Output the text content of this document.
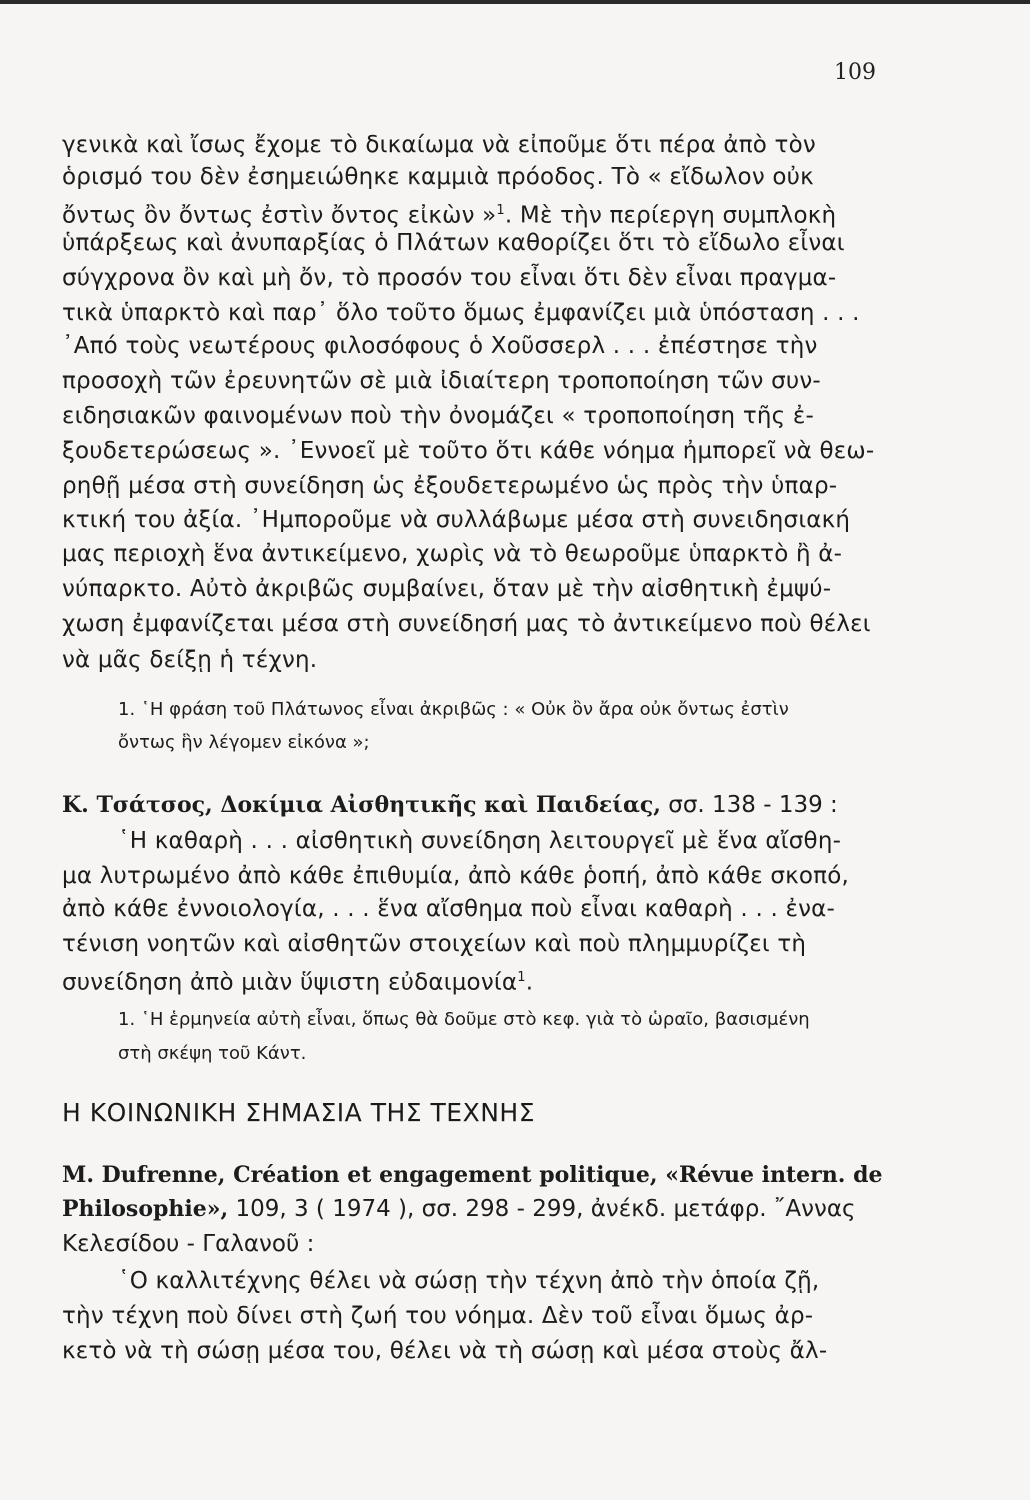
109
γενικὰ καὶ ἴσως ἔχομε τὸ δικαίωμα νὰ εἰποῦμε ὅτι πέρα ἀπὸ τὸν
ὁρισμό του δὲν ἐσημειώθηκε καμμιὰ πρόοδος. Τὸ « εἴδωλον οὐκ
ὄντως ὂν ὄντως ἐστὶν ὄντος εἰκὼν »$^1$. Μὲ τὴν περίεργη συμπλοκὴ
ὑπάρξεως καὶ ἀνυπαρξίας ὁ Πλάτων καθορίζει ὅτι τὸ εἴδωλο εἶναι
σύγχρονα ὂν καὶ μὴ ὄν, τὸ προσόν του εἶναι ὅτι δὲν εἶναι πραγμα-
τικὰ ὑπαρκτὸ καὶ παρ᾽ ὅλο τοῦτο ὅμως ἐμφανίζει μιὰ ὑπόσταση . . .
᾽Από τοὺς νεωτέρους φιλοσόφους ὁ Χοῦσσερλ . . . ἐπέστησε τὴν
προσοχὴ τῶν ἐρευνητῶν σὲ μιὰ ἰδιαίτερη τροποποίηση τῶν συν-
ειδησιακῶν φαινομένων ποὺ τὴν ὀνομάζει « τροποποίηση τῆς ἐ-
ξουδετερώσεως ». ᾽Εννοεῖ μὲ τοῦτο ὅτι κάθε νόημα ἠμπορεῖ νὰ θεω-
ρηθῇ μέσα στὴ συνείδηση ὡς ἐξουδετερωμένο ὡς πρὸς τὴν ὑπαρ-
κτική του ἀξία. ᾽Ημποροῦμε νὰ συλλάβωμε μέσα στὴ συνειδησιακή
μας περιοχὴ ἕνα ἀντικείμενο, χωρὶς νὰ τὸ θεωροῦμε ὑπαρκτὸ ἢ ἀ-
νύπαρκτο. Αὐτὸ ἀκριβῶς συμβαίνει, ὅταν μὲ τὴν αἰσθητικὴ ἐμψύ-
χωση ἐμφανίζεται μέσα στὴ συνείδησή μας τὸ ἀντικείμενο ποὺ θέλει
νὰ μᾶς δείξῃ ἡ τέχνη.
1. ῾Η φράση τοῦ Πλάτωνος εἶναι ἀκριβῶς : « Οὐκ ὂν ἄρα οὐκ ὄντως ἐστὶν
ὄντως ἣν λέγομεν εἰκόνα »;
Κ. Τσάτσος, Δοκίμια Αἰσθητικῆς καὶ Παιδείας, σσ. 138 - 139 :
῾Η καθαρὴ . . . αἰσθητικὴ συνείδηση λειτουργεῖ μὲ ἕνα αἴσθη-
μα λυτρωμένο ἀπὸ κάθε ἐπιθυμία, ἀπὸ κάθε ῥοπή, ἀπὸ κάθε σκοπό,
ἀπὸ κάθε ἐννοιολογία, . . . ἕνα αἴσθημα ποὺ εἶναι καθαρὴ . . . ἐνα-
τένιση νοητῶν καὶ αἰσθητῶν στοιχείων καὶ ποὺ πλημμυρίζει τὴ
συνείδηση ἀπὸ μιὰν ὕψιστη εὐδαιμονία$^1$.
1. ῾Η ἑρμηνεία αὐτὴ εἶναι, ὅπως θὰ δοῦμε στὸ κεφ. γιὰ τὸ ὡραῖο, βασισμένη
στὴ σκέψη τοῦ Κάντ.
Η ΚΟΙΝΩΝΙΚΗ ΣΗΜΑΣΙΑ ΤΗΣ ΤΕΧΝΗΣ
M. Dufrenne, Création et engagement politique, «Révue intern. de
Philosophie», 109, 3 ( 1974 ), σσ. 298 - 299, ἀνέκδ. μετάφρ. ῎Αννας
Κελεσίδου - Γαλανοῦ :
῾Ο καλλιτέχνης θέλει νὰ σώσῃ τὴν τέχνη ἀπὸ τὴν ὁποία ζῇ,
τὴν τέχνη ποὺ δίνει στὴ ζωή του νόημα. Δὲν τοῦ εἶναι ὅμως ἀρ-
κετὸ νὰ τὴ σώσῃ μέσα του, θέλει νὰ τὴ σώσῃ καὶ μέσα στοὺς ἄλ-
